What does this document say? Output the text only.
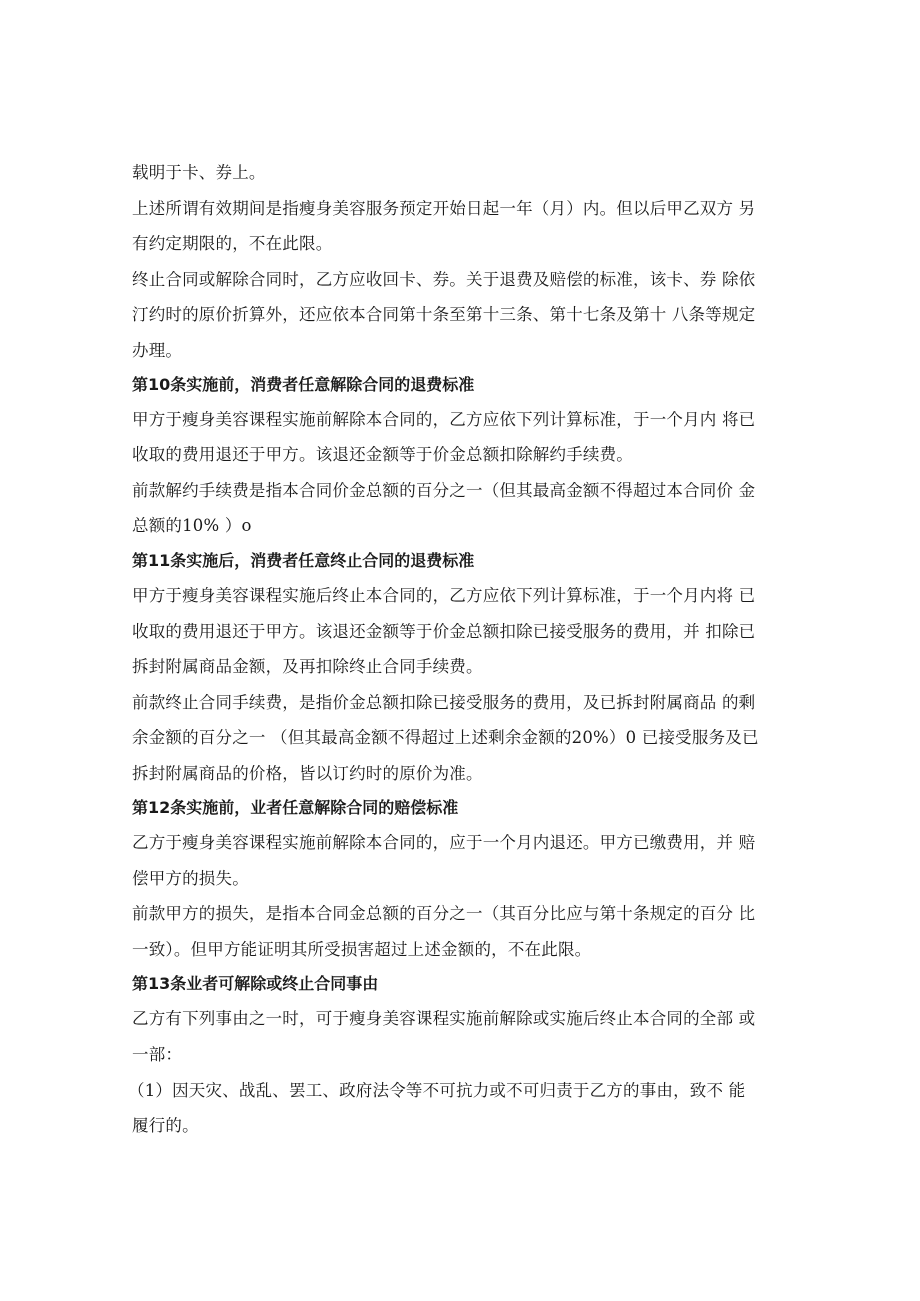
载明于卡、券上。
上述所谓有效期间是指瘦身美容服务预定开始日起一年（月）内。但以后甲乙双方 另
有约定期限的，不在此限。
终止合同或解除合同时，乙方应收回卡、券。关于退费及赔偿的标准，该卡、券 除依
汀约时的原价折算外，还应依本合同第十条至第十三条、第十七条及第十 八条等规定
办理。
第10条实施前，消费者任意解除合同的退费标准
甲方于瘦身美容课程实施前解除本合同的，乙方应依下列计算标准，于一个月内 将已
收取的费用退还于甲方。该退还金额等于价金总额扣除解约手续费。
前款解约手续费是指本合同价金总额的百分之一（但其最高金额不得超过本合同价 金
总额的10% ）o
第11条实施后，消费者任意终止合同的退费标准
甲方于瘦身美容课程实施后终止本合同的，乙方应依下列计算标准，于一个月内将 已
收取的费用退还于甲方。该退还金额等于价金总额扣除已接受服务的费用，并 扣除已
拆封附属商品金额，及再扣除终止合同手续费。
前款终止合同手续费，是指价金总额扣除已接受服务的费用，及已拆封附属商品 的剩
余金额的百分之一 （但其最高金额不得超过上述剩余金额的20%）0 已接受服务及已
拆封附属商品的价格，皆以订约时的原价为准。
第12条实施前，业者任意解除合同的赔偿标准
乙方于瘦身美容课程实施前解除本合同的，应于一个月内退还。甲方已缴费用，并 赔
偿甲方的损失。
前款甲方的损失，是指本合同金总额的百分之一（其百分比应与第十条规定的百分 比
一致）。但甲方能证明其所受损害超过上述金额的，不在此限。
第13条业者可解除或终止合同事由
乙方有下列事由之一时，可于瘦身美容课程实施前解除或实施后终止本合同的全部 或
一部：
（1）因天灾、战乱、罢工、政府法令等不可抗力或不可归责于乙方的事由，致不 能
履行的。
